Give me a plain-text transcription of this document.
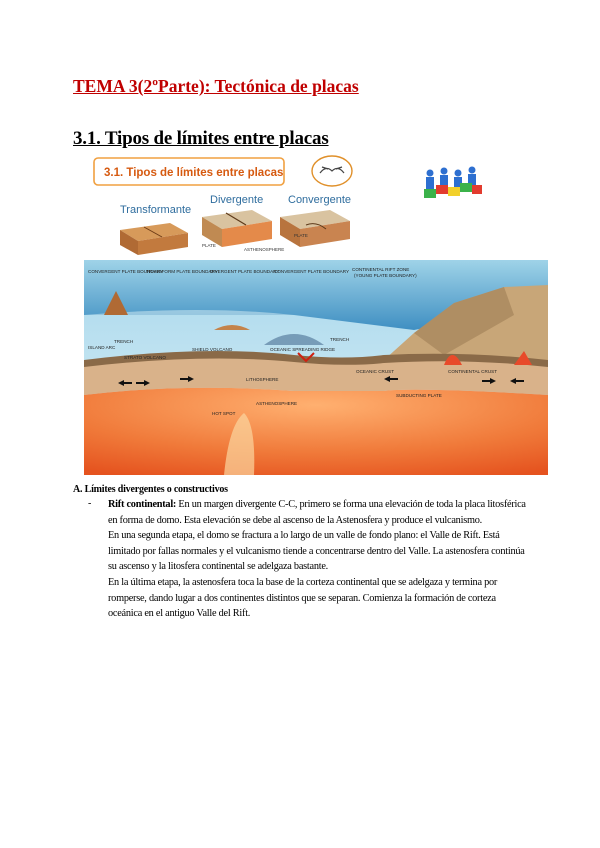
TEMA 3(2ºParte): Tectónica de placas
3.1. Tipos de límites entre placas
3.1. Tipos de límites entre placas
Transformante
Divergente Convergente
PLATE
PLATE
ASTHENOSPHERE
CONVERGENT PLATE BOUNDARY
TRANSFORM PLATE BOUNDARY
DIVERGENT PLATE BOUNDARY
CONVERGENT PLATE BOUNDARY CONTINENTAL RIFT ZONE
(YOUNG PLATE BOUNDARY)
TRENCH
ISLAND ARC	SHIELD VOLCANO
STRATO VOLCANO
OCEANIC SPREADING RIDGE
TRENCH
OCEANIC CRUST	CONTINENTAL CRUST
LITHOSPHERE
ASTHENOSPHERE
HOT SPOT
SUBDUCTING PLATE
A. Límites divergentes o constructivos
- Rift continental: En un margen divergente C-C, primero se forma una elevación de toda la placa litosférica en forma de domo. Esta elevación se debe al ascenso de la Astenosfera y produce el vulcanismo.

En una segunda etapa, el domo se fractura a lo largo de un valle de fondo plano: el Valle de Rift. Está limitado por fallas normales y el vulcanismo tiende a concentrarse dentro del Valle. La astenosfera continúa su ascenso y la litosfera continental se adelgaza bastante.

En la última etapa, la astenosfera toca la base de la corteza continental que se adelgaza y termina por romperse, dando lugar a dos continentes distintos que se separan. Comienza la formación de corteza oceánica en el antiguo Valle del Rift.
